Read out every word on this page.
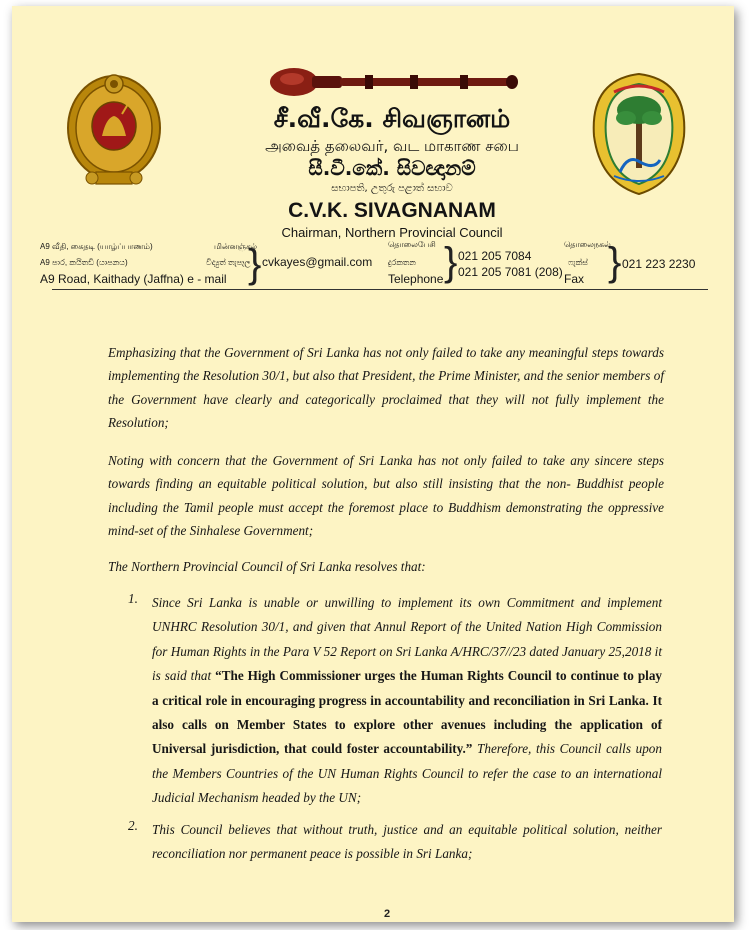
சீ.வீ.கே. சிவஞானம்
அவைத் தலைவர், வட மாகாண சபை
සී.වී.කේ. සිවඥානම්
සභාපති, උතුරු පළාත් සභාව
C.V.K. SIVAGNANAM
Chairman, Northern Provincial Council
A9 வீதி, கைதடி (யாழ்ப்பாணம்)
A9 පාර, කයිතඩි (යාපනය)
A9 Road, Kaithady (Jaffna) e - mail
மின்னஞ்சல்
විද්‍යුත් තැපෑල
} cvkayes@gmail.com
தொலைபேசி
දුරකතන
Telephone } 021 205 7084
021 205 7081 (208)
தொலைநகல்
ෆැක්ස්
Fax } 021 223 2230

Emphasizing that the Government of Sri Lanka has not only failed to take any meaningful steps towards implementing the Resolution 30/1, but also that President, the Prime Minister, and the senior members of the Government have clearly and categorically proclaimed that they will not fully implement the Resolution;

Noting with concern that the Government of Sri Lanka has not only failed to take any sincere steps towards finding an equitable political solution, but also still insisting that the non- Buddhist people including the Tamil people must accept the foremost place to Buddhism demonstrating the oppressive mind-set of the Sinhalese Government;

The Northern Provincial Council of Sri Lanka resolves that:

1. Since Sri Lanka is unable or unwilling to implement its own Commitment and implement UNHRC Resolution 30/1, and given that Annul Report of the United Nation High Commission for Human Rights in the Para V 52 Report on Sri Lanka A/HRC/37//23 dated January 25,2018 it is said that “The High Commissioner urges the Human Rights Council to continue to play a critical role in encouraging progress in accountability and reconciliation in Sri Lanka. It also calls on Member States to explore other avenues including the application of Universal jurisdiction, that could foster accountability.” Therefore, this Council calls upon the Members Countries of the UN Human Rights Council to refer the case to an international Judicial Mechanism headed by the UN;
2. This Council believes that without truth, justice and an equitable political solution, neither reconciliation nor permanent peace is possible in Sri Lanka;
2
